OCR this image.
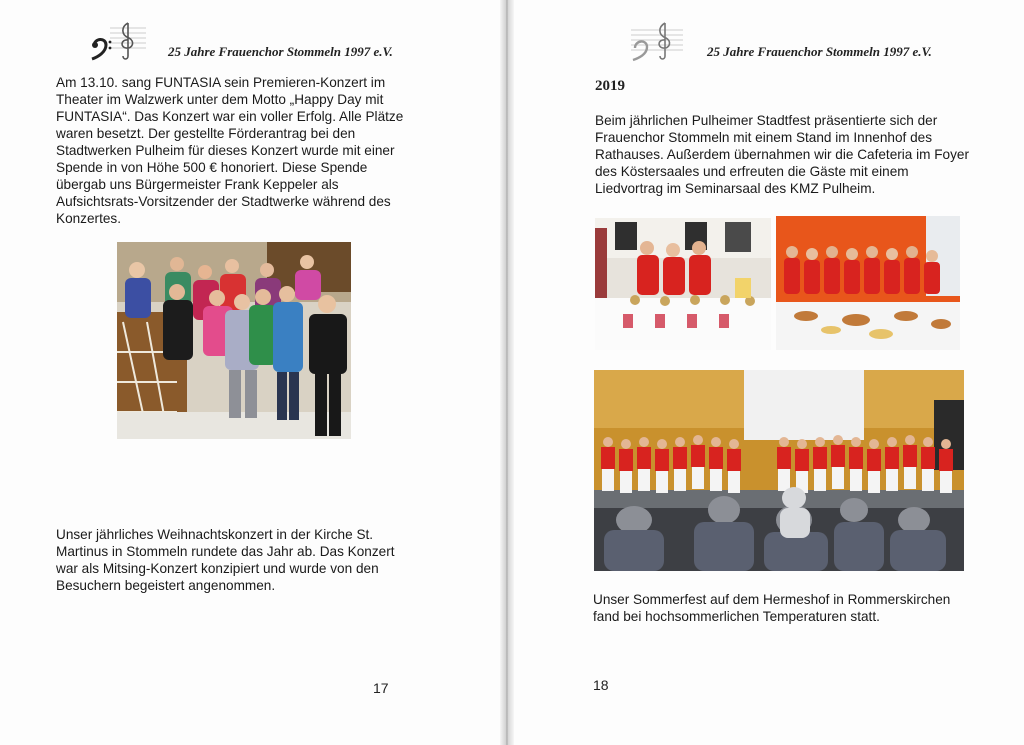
25 Jahre Frauenchor Stommeln 1997 e.V.

Am 13.10. sang FUNTASIA sein Premieren-Konzert im Theater im Walzwerk unter dem Motto „Happy Day mit FUNTASIA“. Das Konzert war ein voller Erfolg. Alle Plätze waren besetzt. Der gestellte Förderantrag bei den Stadtwerken Pulheim für dieses Konzert wurde mit einer Spende in von Höhe 500 € honoriert. Diese Spende übergab uns Bürgermeister Frank Keppeler als Aufsichtsrats-Vorsitzender der Stadtwerke während des Konzertes.

Unser jährliches Weihnachtskonzert in der Kirche St. Martinus in Stommeln rundete das Jahr ab. Das Konzert war als Mitsing-Konzert konzipiert und wurde von den Besuchern begeistert angenommen.

17
25 Jahre Frauenchor Stommeln 1997 e.V.
2019

Beim jährlichen Pulheimer Stadtfest präsentierte sich der Frauenchor Stommeln mit einem Stand im Innenhof des Rathauses. Außerdem übernahmen wir die Cafeteria im Foyer des Köstersaales und erfreuten die Gäste mit einem Liedvortrag im Seminarsaal des KMZ Pulheim.

Unser Sommerfest auf dem Hermeshof in Rommerskirchen fand bei hochsommerlichen Temperaturen statt.

18
